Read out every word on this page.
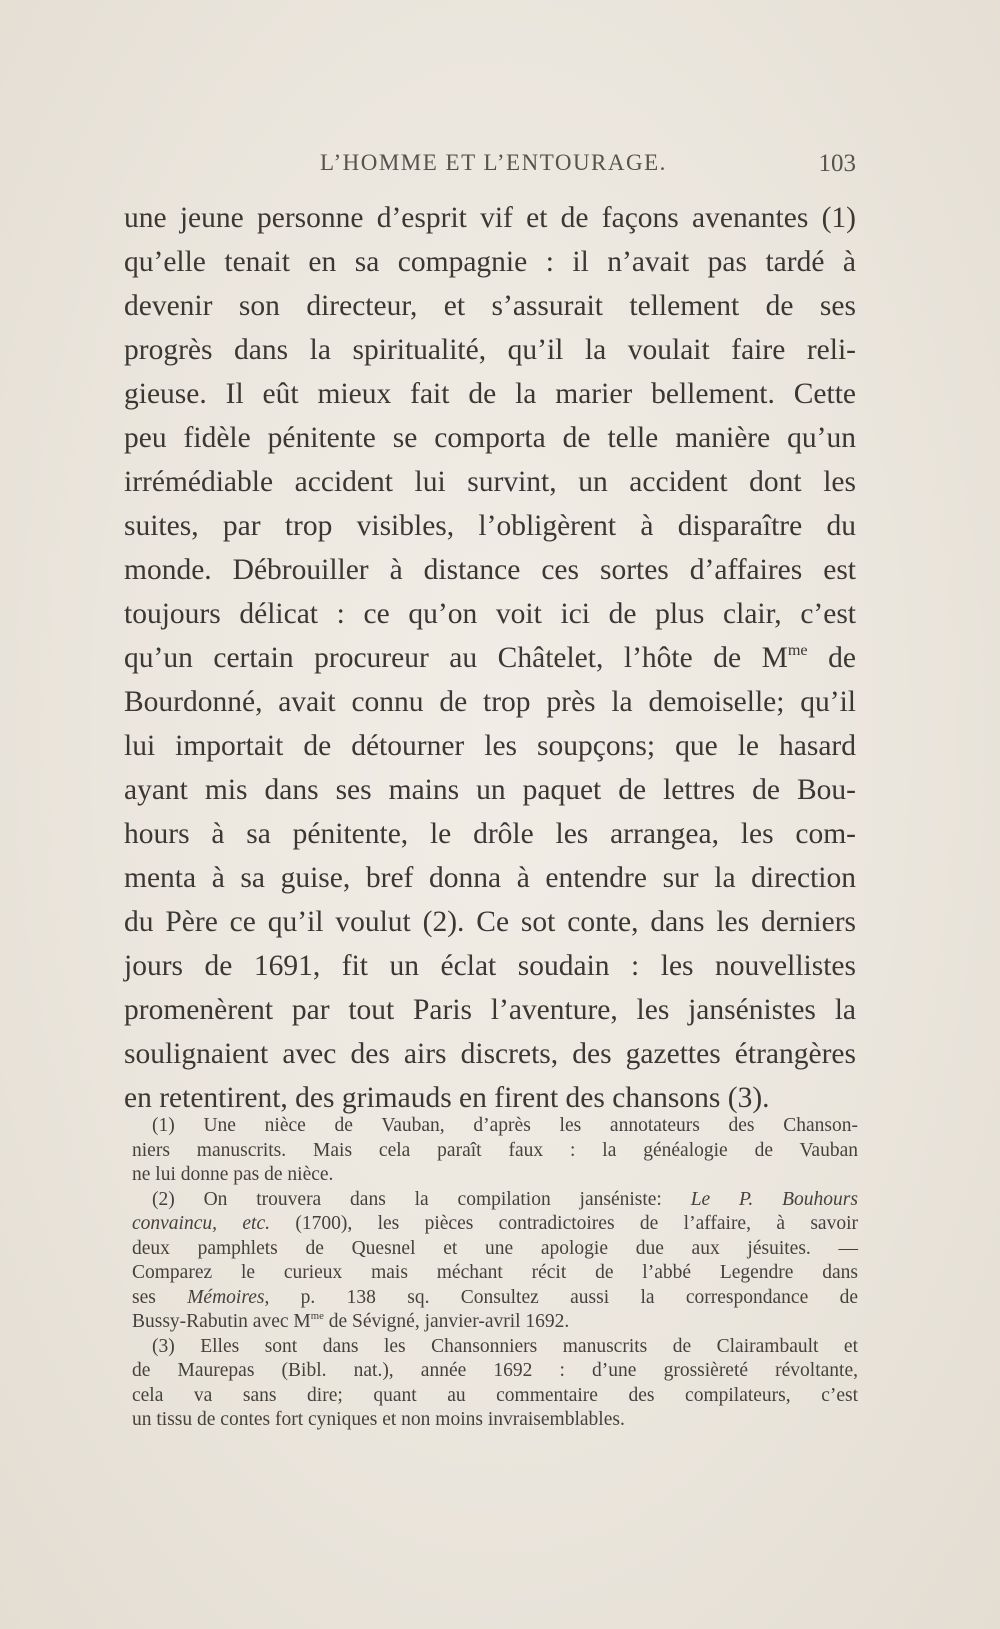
L’HOMME ET L’ENTOURAGE.	103
une jeune personne d’esprit vif et de façons avenantes (1)
qu’elle tenait en sa compagnie : il n’avait pas tardé à
devenir son directeur, et s’assurait tellement de ses
progrès dans la spiritualité, qu’il la voulait faire reli-
gieuse. Il eût mieux fait de la marier bellement. Cette
peu fidèle pénitente se comporta de telle manière qu’un
irrémédiable accident lui survint, un accident dont les
suites, par trop visibles, l’obligèrent à disparaître du
monde. Débrouiller à distance ces sortes d’affaires est
toujours délicat : ce qu’on voit ici de plus clair, c’est
qu’un certain procureur au Châtelet, l’hôte de $M^{me}$ de
Bourdonné, avait connu de trop près la demoiselle; qu’il
lui importait de détourner les soupçons; que le hasard
ayant mis dans ses mains un paquet de lettres de Bou-
hours à sa pénitente, le drôle les arrangea, les com-
menta à sa guise, bref donna à entendre sur la direction
du Père ce qu’il voulut (2). Ce sot conte, dans les derniers
jours de 1691, fit un éclat soudain : les nouvellistes
promenèrent par tout Paris l’aventure, les jansénistes la
soulignaient avec des airs discrets, des gazettes étrangères
en retentirent, des grimauds en firent des chansons (3).
(1) Une nièce de Vauban, d’après les annotateurs des Chanson-
niers manuscrits. Mais cela paraît faux : la généalogie de Vauban
ne lui donne pas de nièce.
(2) On trouvera dans la compilation janséniste: Le P. Bouhours
convaincu, etc. (1700), les pièces contradictoires de l’affaire, à savoir
deux pamphlets de Quesnel et une apologie due aux jésuites. —
Comparez le curieux mais méchant récit de l’abbé Legendre dans
ses Mémoires, p. 138 sq. Consultez aussi la correspondance de
Bussy-Rabutin avec $M^{me}$ de Sévigné, janvier-avril 1692.
(3) Elles sont dans les Chansonniers manuscrits de Clairambault et
de Maurepas (Bibl. nat.), année 1692 : d’une grossièreté révoltante,
cela va sans dire; quant au commentaire des compilateurs, c’est
un tissu de contes fort cyniques et non moins invraisemblables.
